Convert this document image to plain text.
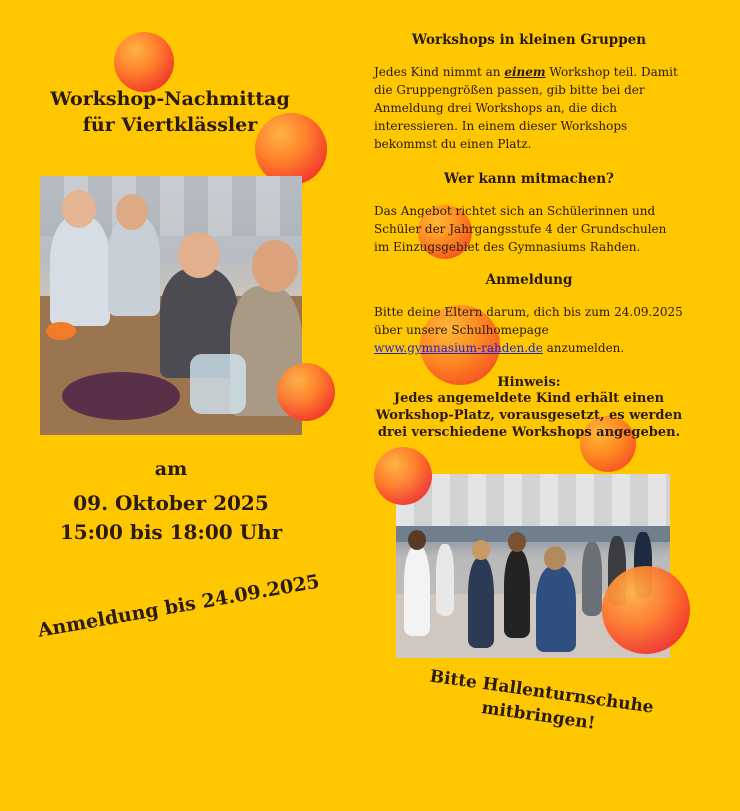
Workshop-Nachmittag
für Viertklässler
am
09. Oktober 2025
15:00 bis 18:00 Uhr
Anmeldung bis 24.09.2025
Workshops in kleinen Gruppen
Jedes Kind nimmt an einem Workshop teil. Damit die Gruppengrößen passen, gib bitte bei der Anmeldung drei Workshops an, die dich interessieren. In einem dieser Workshops bekommst du einen Platz.
Wer kann mitmachen?
Das Angebot richtet sich an Schülerinnen und Schüler der Jahrgangsstufe 4 der Grundschulen im Einzugsgebiet des Gymnasiums Rahden.
Anmeldung
Bitte deine Eltern darum, dich bis zum 24.09.2025 über unsere Schulhomepage
www.gymnasium-rahden.de anzumelden.
Hinweis:
Jedes angemeldete Kind erhält einen Workshop-Platz, vorausgesetzt, es werden drei verschiedene Workshops angegeben.
Bitte Hallenturnschuhe mitbringen!
